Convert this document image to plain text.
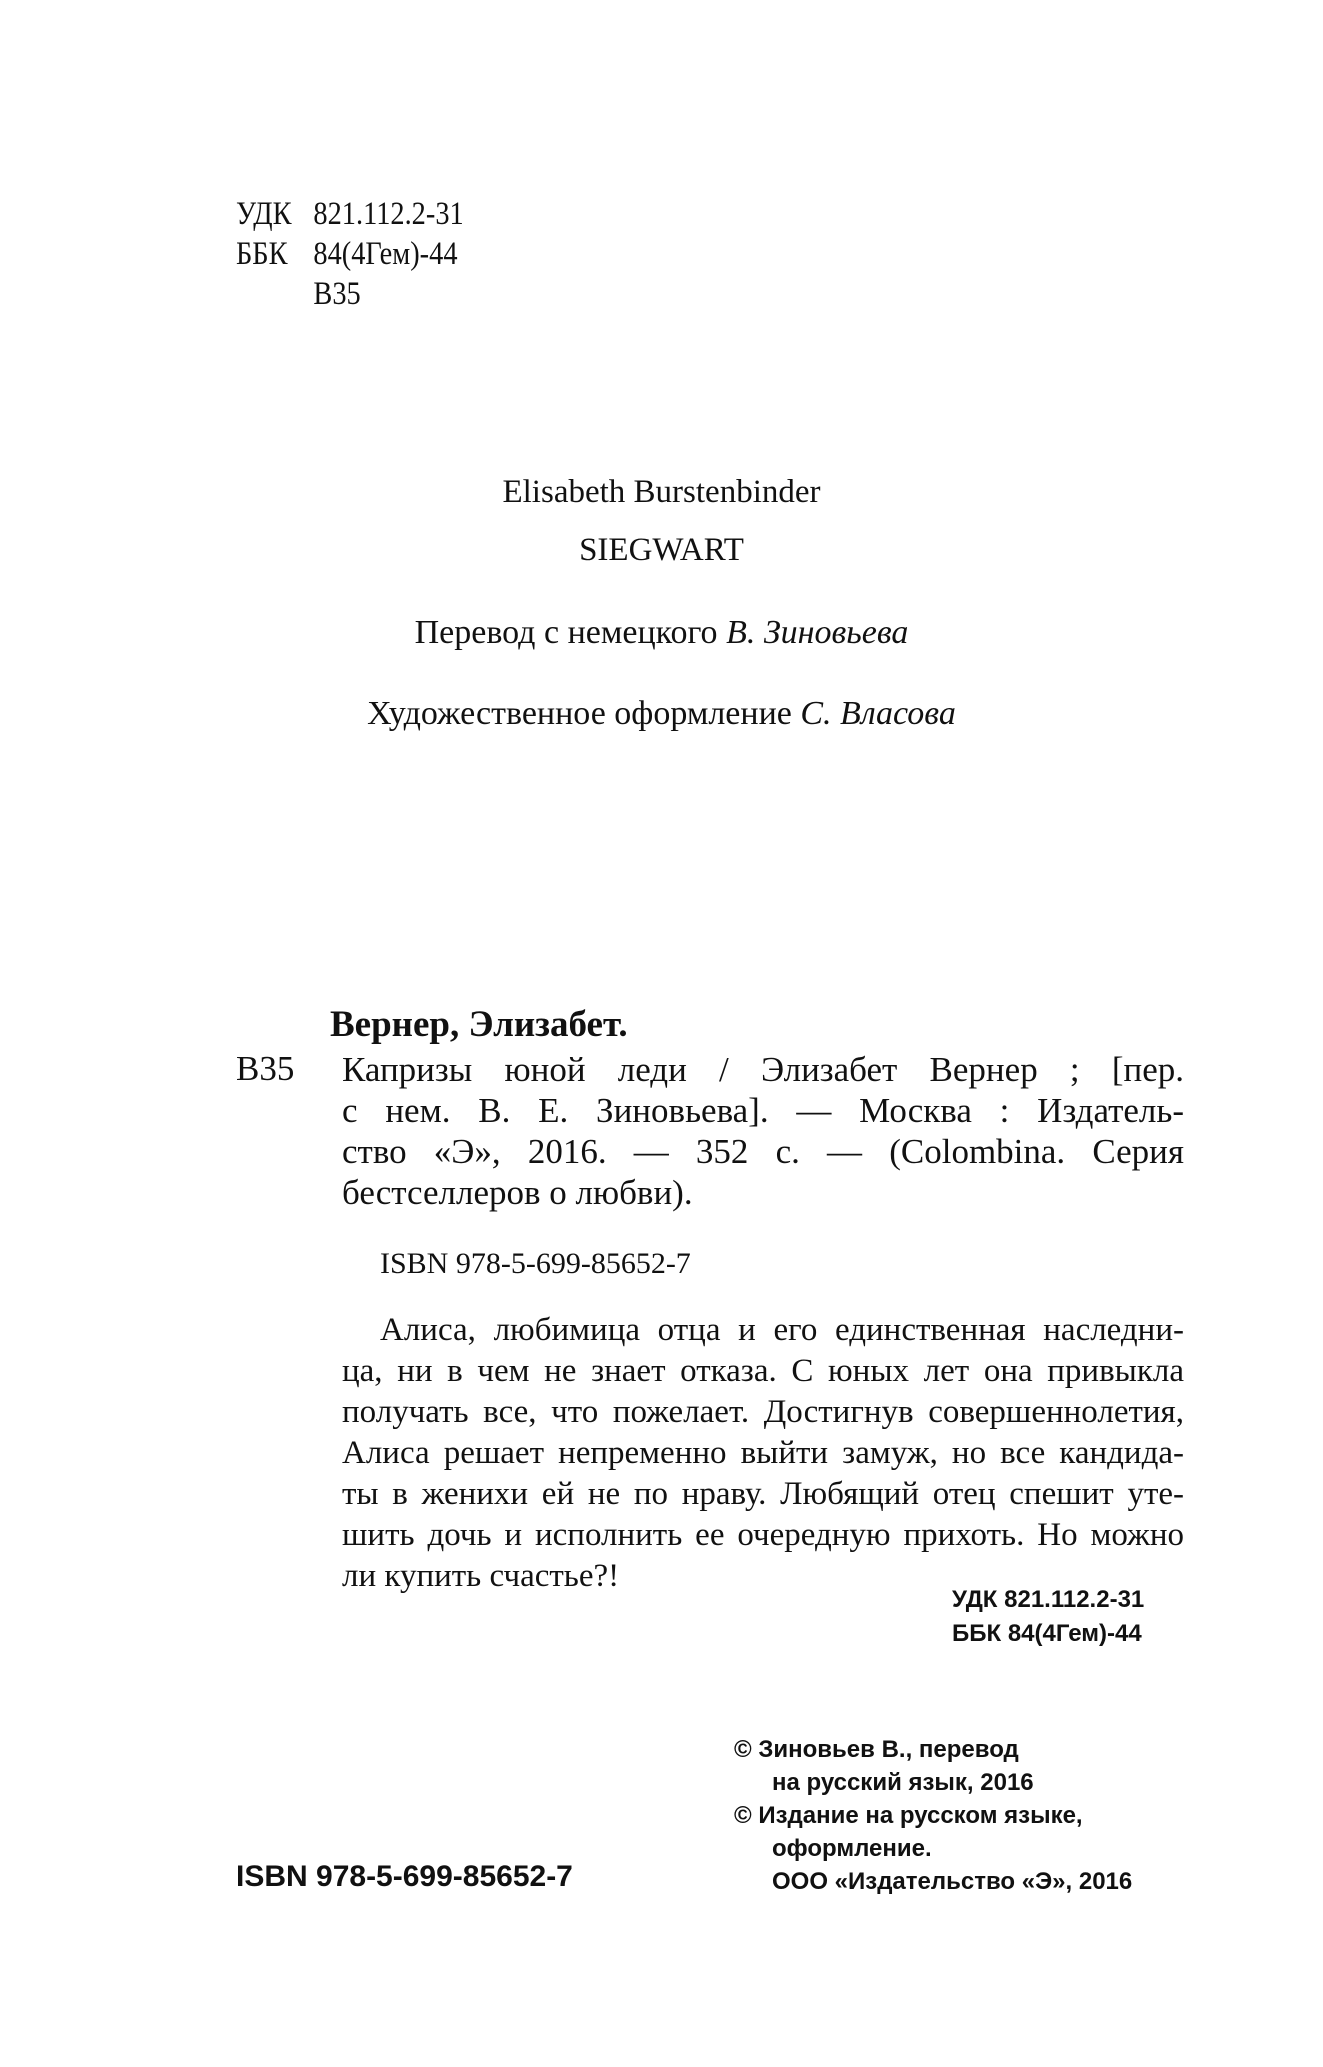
УДК 821.112.2-31
ББК 84(4Гем)-44
В35
Elisabeth Burstenbinder
SIEGWART
Перевод с немецкого В. Зиновьева
Художественное оформление С. Власова
Вернер, Элизабет.
В35 Капризы юной леди / Элизабет Вернер ; [пер.
с нем. В. Е. Зиновьева]. — Москва : Издатель-
ство «Э», 2016. — 352 с. — (Colombina. Серия
бестселлеров о любви).
ISBN 978-5-699-85652-7
Алиса, любимица отца и его единственная наследни-
ца, ни в чем не знает отказа. С юных лет она привыкла
получать все, что пожелает. Достигнув совершеннолетия,
Алиса решает непременно выйти замуж, но все кандида-
ты в женихи ей не по нраву. Любящий отец спешит уте-
шить дочь и исполнить ее очередную прихоть. Но можно
ли купить счастье?!
УДК 821.112.2-31
ББК 84(4Гем)-44
© Зиновьев В., перевод
на русский язык, 2016
© Издание на русском языке,
оформление.
ООО «Издательство «Э», 2016
ISBN 978-5-699-85652-7
